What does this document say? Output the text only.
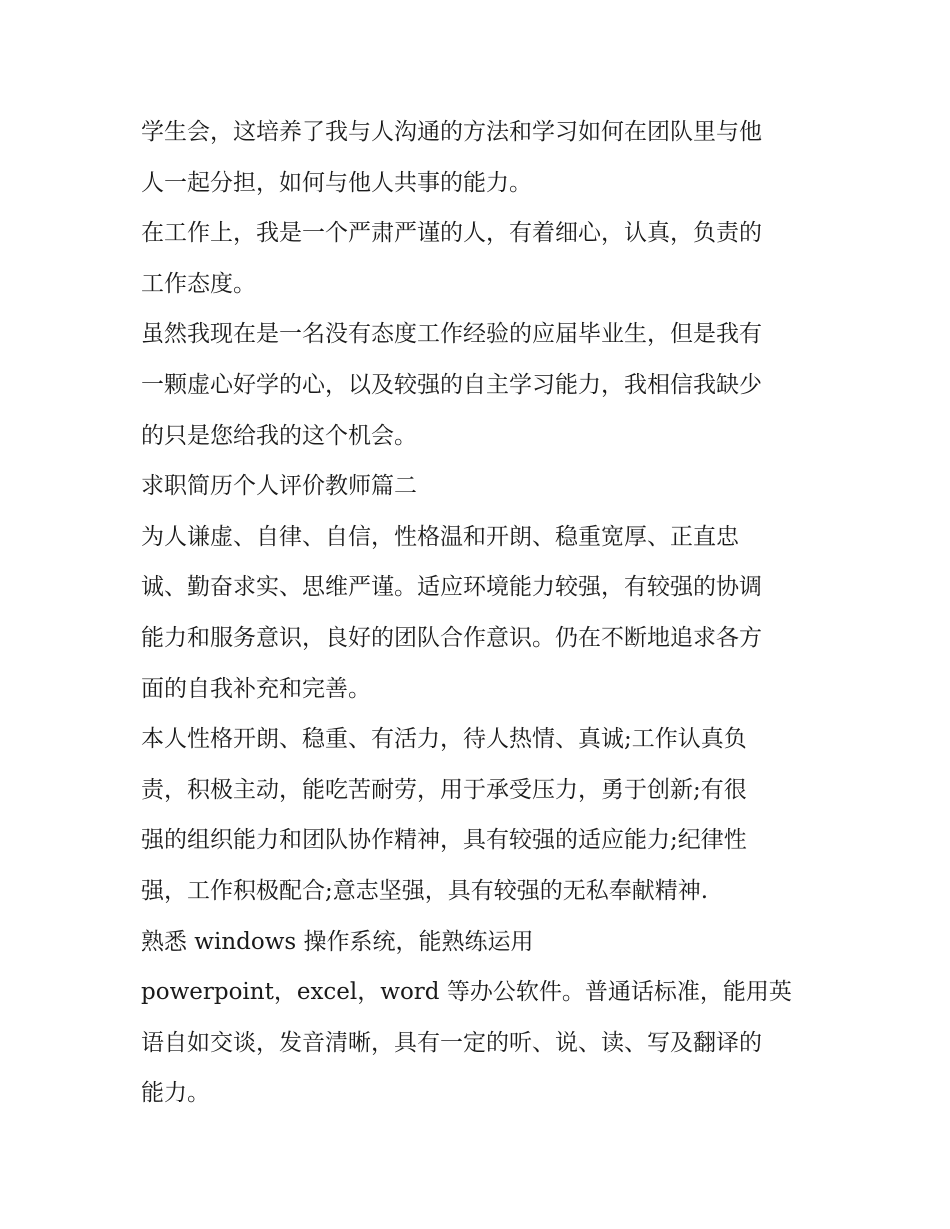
学生会，这培养了我与人沟通的方法和学习如何在团队里与他

人一起分担，如何与他人共事的能力。

在工作上，我是一个严肃严谨的人，有着细心，认真，负责的

工作态度。

虽然我现在是一名没有态度工作经验的应届毕业生，但是我有

一颗虚心好学的心，以及较强的自主学习能力，我相信我缺少

的只是您给我的这个机会。

求职简历个人评价教师篇二

为人谦虚、自律、自信，性格温和开朗、稳重宽厚、正直忠

诚、勤奋求实、思维严谨。适应环境能力较强，有较强的协调

能力和服务意识，良好的团队合作意识。仍在不断地追求各方

面的自我补充和完善。

本人性格开朗、稳重、有活力，待人热情、真诚;工作认真负

责，积极主动，能吃苦耐劳，用于承受压力，勇于创新;有很

强的组织能力和团队协作精神，具有较强的适应能力;纪律性

强，工作积极配合;意志坚强，具有较强的无私奉献精神.

熟悉 windows 操作系统，能熟练运用

powerpoint，excel，word 等办公软件。普通话标准，能用英

语自如交谈，发音清晰，具有一定的听、说、读、写及翻译的

能力。
